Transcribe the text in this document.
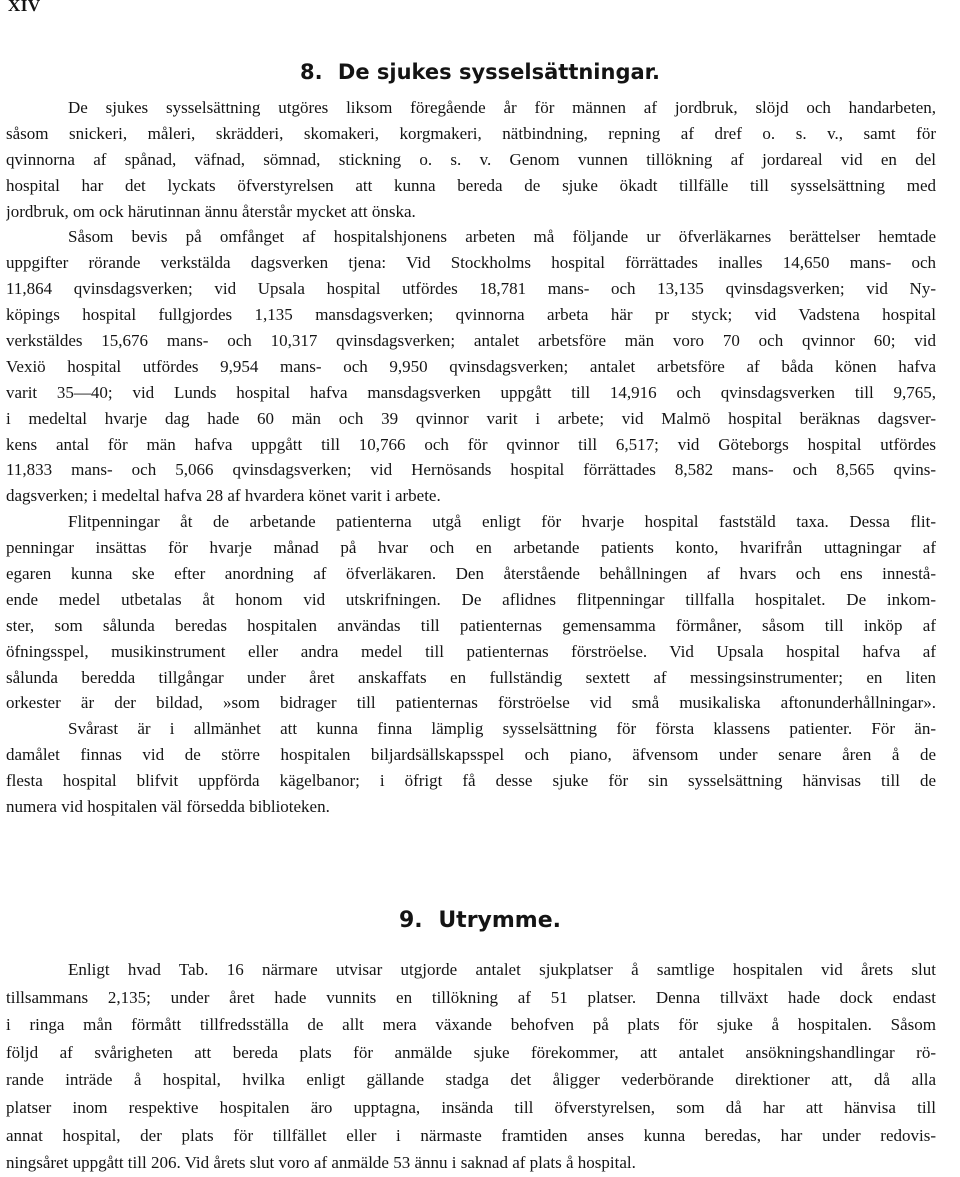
XIV
8. De sjukes sysselsättningar.
De sjukes sysselsättning utgöres liksom föregående år för männen af jordbruk, slöjd och handarbeten,
såsom snickeri, måleri, skrädderi, skomakeri, korgmakeri, nätbindning, repning af dref o. s. v., samt för
qvinnorna af spånad, väfnad, sömnad, stickning o. s. v. Genom vunnen tillökning af jordareal vid en del
hospital har det lyckats öfverstyrelsen att kunna bereda de sjuke ökadt tillfälle till sysselsättning med
jordbruk, om ock härutinnan ännu återstår mycket att önska.
Såsom bevis på omfånget af hospitalshjonens arbeten må följande ur öfverläkarnes berättelser hemtade
uppgifter rörande verkstälda dagsverken tjena: Vid Stockholms hospital förrättades inalles 14,650 mans- och
11,864 qvinsdagsverken; vid Upsala hospital utfördes 18,781 mans- och 13,135 qvinsdagsverken; vid Ny-
köpings hospital fullgjordes 1,135 mansdagsverken; qvinnorna arbeta här pr styck; vid Vadstena hospital
verkstäldes 15,676 mans- och 10,317 qvinsdagsverken; antalet arbetsföre män voro 70 och qvinnor 60; vid
Vexiö hospital utfördes 9,954 mans- och 9,950 qvinsdagsverken; antalet arbetsföre af båda könen hafva
varit 35—40; vid Lunds hospital hafva mansdagsverken uppgått till 14,916 och qvinsdagsverken till 9,765,
i medeltal hvarje dag hade 60 män och 39 qvinnor varit i arbete; vid Malmö hospital beräknas dagsver-
kens antal för män hafva uppgått till 10,766 och för qvinnor till 6,517; vid Göteborgs hospital utfördes
11,833 mans- och 5,066 qvinsdagsverken; vid Hernösands hospital förrättades 8,582 mans- och 8,565 qvins-
dagsverken; i medeltal hafva 28 af hvardera könet varit i arbete.
Flitpenningar åt de arbetande patienterna utgå enligt för hvarje hospital faststäld taxa. Dessa flit-
penningar insättas för hvarje månad på hvar och en arbetande patients konto, hvarifrån uttagningar af
egaren kunna ske efter anordning af öfverläkaren. Den återstående behållningen af hvars och ens innestå-
ende medel utbetalas åt honom vid utskrifningen. De aflidnes flitpenningar tillfalla hospitalet. De inkom-
ster, som sålunda beredas hospitalen användas till patienternas gemensamma förmåner, såsom till inköp af
öfningsspel, musikinstrument eller andra medel till patienternas förströelse. Vid Upsala hospital hafva af
sålunda beredda tillgångar under året anskaffats en fullständig sextett af messingsinstrumenter; en liten
orkester är der bildad, »som bidrager till patienternas förströelse vid små musikaliska aftonunderhållningar».
Svårast är i allmänhet att kunna finna lämplig sysselsättning för första klassens patienter. För än-
damålet finnas vid de större hospitalen biljardsällskapsspel och piano, äfvensom under senare åren å de
flesta hospital blifvit uppförda kägelbanor; i öfrigt få desse sjuke för sin sysselsättning hänvisas till de
numera vid hospitalen väl försedda biblioteken.
9. Utrymme.
Enligt hvad Tab. 16 närmare utvisar utgjorde antalet sjukplatser å samtlige hospitalen vid årets slut
tillsammans 2,135; under året hade vunnits en tillökning af 51 platser. Denna tillväxt hade dock endast
i ringa mån förmått tillfredsställa de allt mera växande behofven på plats för sjuke å hospitalen. Såsom
följd af svårigheten att bereda plats för anmälde sjuke förekommer, att antalet ansökningshandlingar rö-
rande inträde å hospital, hvilka enligt gällande stadga det åligger vederbörande direktioner att, då alla
platser inom respektive hospitalen äro upptagna, insända till öfverstyrelsen, som då har att hänvisa till
annat hospital, der plats för tillfället eller i närmaste framtiden anses kunna beredas, har under redovis-
ningsåret uppgått till 206. Vid årets slut voro af anmälde 53 ännu i saknad af plats å hospital.
